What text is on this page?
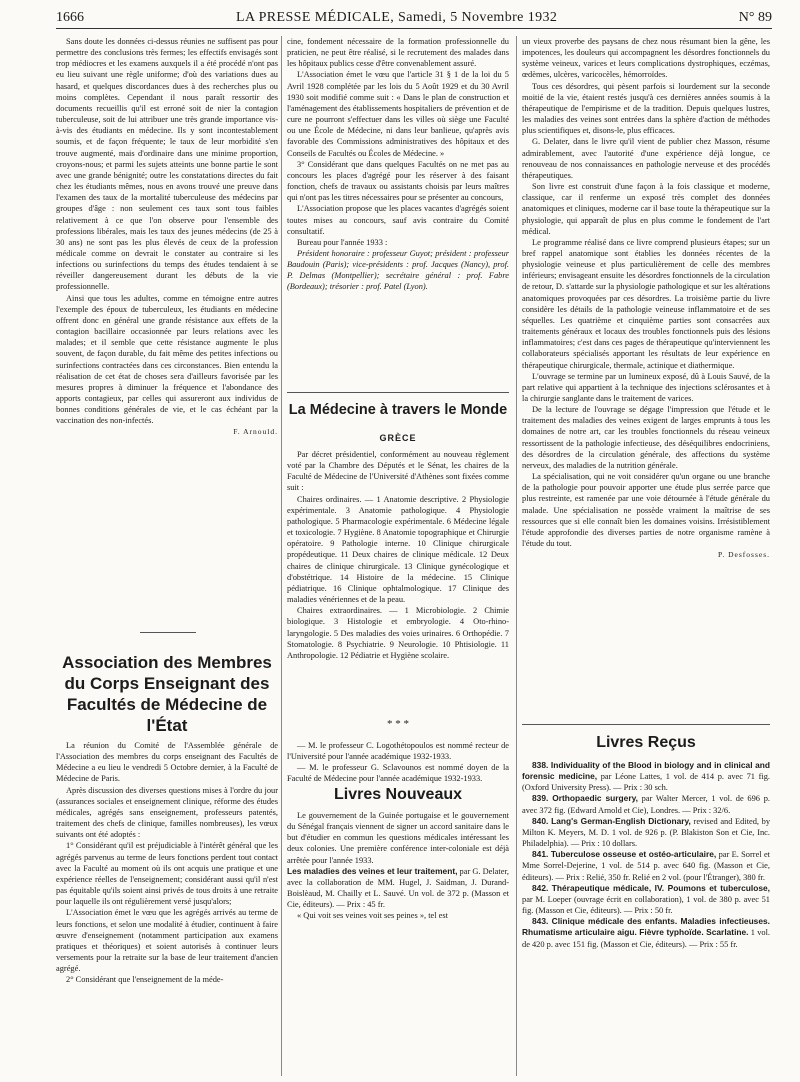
1666	LA PRESSE MÉDICALE, Samedi, 5 Novembre 1932	N° 89

Sans doute les données ci-dessus réunies ne suffisent pas pour permettre des conclusions très fermes; les effectifs envisagés sont trop médiocres et les examens auxquels il a été procédé n'ont pas eu lieu suivant une règle uniforme; d'où des variations dues au hasard, et quelques discordances dues à des recherches plus ou moins complètes. Cependant il nous paraît ressortir des documents recueillis qu'il est erroné soit de nier la contagion tuberculeuse, soit de lui attribuer une très grande importance vis-à-vis des étudiants en médecine. Ils y sont incontestablement soumis, et de façon fréquente; le taux de leur morbidité s'en trouve augmenté, mais d'ordinaire dans une minime proportion, croyons-nous; et parmi les sujets atteints une bonne partie le sont avec une grande bénignité; outre les constatations directes du fait chez les étudiants mêmes, nous en avons trouvé une preuve dans l'examen des taux de la mortalité tuberculeuse des médecins par groupes d'âge : non seulement ces taux sont tous faibles relativement à ce que l'on observe pour l'ensemble des professions libérales, mais les taux des jeunes médecins (de 25 à 30 ans) ne sont pas les plus élevés de ceux de la profession médicale comme on devrait le constater au contraire si les infections ou surinfections du temps des études tendaient à se réveiller dangereusement durant les débuts de la vie professionnelle.

Ainsi que tous les adultes, comme en témoigne entre autres l'exemple des époux de tuberculeux, les étudiants en médecine offrent donc en général une grande résistance aux effets de la contagion bacillaire occasionnée par leurs relations avec les malades; et il semble que cette résistance augmente le plus souvent, de façon durable, du fait même des petites infections ou surinfections contractées dans ces circonstances. Bien entendu la réalisation de cet état de choses sera d'ailleurs favorisée par les mesures propres à diminuer la fréquence et l'abondance des apports contagieux, par celles qui assureront aux individus de bonnes conditions générales de vie, et le cas échéant par la vaccination des non-infectés.

F. Arnould.
Association des Membres du Corps Enseignant des Facultés de Médecine de l'État

La réunion du Comité de l'Assemblée générale de l'Association des membres du corps enseignant des Facultés de Médecine a eu lieu le vendredi 5 Octobre dernier, à la Faculté de Médecine de Paris.

Après discussion des diverses questions mises à l'ordre du jour (assurances sociales et enseignement clinique, réforme des études médicales, agrégés sans enseignement, professeurs patentés, traitement des chefs de clinique, familles nombreuses), les vœux suivants ont été adoptés :

1° Considérant qu'il est préjudiciable à l'intérêt général que les agrégés parvenus au terme de leurs fonctions perdent tout contact avec la Faculté au moment où ils ont acquis une pratique et une expérience réelles de l'enseignement; considérant aussi qu'il n'est pas équitable qu'ils soient ainsi privés de tous droits à une retraite pour laquelle ils ont régulièrement versé jusqu'alors;

L'Association émet le vœu que les agrégés arrivés au terme de leurs fonctions, et selon une modalité à étudier, continuent à faire œuvre d'enseignement (notamment participation aux examens pratiques et théoriques) et soient autorisés à continuer leurs versements pour la retraite sur la base de leur traitement d'ancien agrégé.

2° Considérant que l'enseignement de la méde-

cine, fondement nécessaire de la formation professionnelle du praticien, ne peut être réalisé, si le recrutement des malades dans les hôpitaux publics cesse d'être convenablement assuré.

L'Association émet le vœu que l'article 31 § 1 de la loi du 5 Avril 1928 complétée par les lois du 5 Août 1929 et du 30 Avril 1930 soit modifié comme suit : « Dans le plan de construction et l'aménagement des établissements hospitaliers de prévention et de cure ne pourront s'effectuer dans les villes où siège une Faculté ou une École de Médecine, ni dans leur banlieue, qu'après avis favorable des Commissions administratives des hôpitaux et des Conseils de Facultés ou Écoles de Médecine. »

3° Considérant que dans quelques Facultés on ne met pas au concours les places d'agrégé pour les réserver à des faisant fonction, chefs de travaux ou assistants choisis par leurs maîtres qui n'ont pas les titres nécessaires pour se présenter au concours,

L'Association propose que les places vacantes d'agrégés soient toutes mises au concours, sauf avis contraire du Comité consultatif.

Bureau pour l'année 1933 :

Président honoraire : professeur Guyot; président : professeur Baudouin (Paris); vice-présidents : prof. Jacques (Nancy), prof. P. Delmas (Montpellier); secrétaire général : prof. Fabre (Bordeaux); trésorier : prof. Patel (Lyon).

La Médecine à travers le Monde
GRÈCE

Par décret présidentiel, conformément au nouveau règlement voté par la Chambre des Députés et le Sénat, les chaires de la Faculté de Médecine de l'Université d'Athènes sont fixées comme suit :

Chaires ordinaires. — 1 Anatomie descriptive. 2 Physiologie expérimentale. 3 Anatomie pathologique. 4 Physiologie pathologique. 5 Pharmacologie expérimentale. 6 Médecine légale et toxicologie. 7 Hygiène. 8 Anatomie topographique et Chirurgie opératoire. 9 Pathologie interne. 10 Clinique chirurgicale propédeutique. 11 Deux chaires de clinique médicale. 12 Deux chaires de clinique chirurgicale. 13 Clinique gynécologique et d'obstétrique. 14 Histoire de la médecine. 15 Clinique pédiatrique. 16 Clinique ophtalmologique. 17 Clinique des maladies vénériennes et de la peau.

Chaires extraordinaires. — 1 Microbiologie. 2 Chimie biologique. 3 Histologie et embryologie. 4 Oto-rhino-laryngologie. 5 Des maladies des voies urinaires. 6 Orthopédie. 7 Stomatologie. 8 Psychiatrie. 9 Neurologie. 10 Phtisiologie. 11 Anthropologie. 12 Pédiatrie et Hygiène scolaire.

* * *

— M. le professeur C. Logothétopoulos est nommé recteur de l'Université pour l'année académique 1932-1933.

— M. le professeur G. Sclavounos est nommé doyen de la Faculté de Médecine pour l'année académique 1932-1933.

Livres Nouveaux

Le gouvernement de la Guinée portugaise et le gouvernement du Sénégal français viennent de signer un accord sanitaire dans le but d'étudier en commun les questions médicales intéressant les deux colonies. Une première conférence inter-coloniale est déjà arrêtée pour l'année 1933.

Les maladies des veines et leur traitement, par G. Delater, avec la collaboration de MM. Hugel, J. Saidman, J. Durand-Boislèaud, M. Chailly et L. Sauvé. Un vol. de 372 p. (Masson et Cie, éditeurs). — Prix : 45 fr.

« Qui voit ses veines voit ses peines », tel est

un vieux proverbe des paysans de chez nous résumant bien la gêne, les impotences, les douleurs qui accompagnent les désordres fonctionnels du système veineux, varices et leurs complications dystrophiques, eczémas, œdèmes, ulcères, varicocèles, hémorroïdes.

Tous ces désordres, qui pèsent parfois si lourdement sur la seconde moitié de la vie, étaient restés jusqu'à ces dernières années soumis à la thérapeutique de l'empirisme et de la tradition. Depuis quelques lustres, les maladies des veines sont entrées dans la sphère d'action de méthodes plus scientifiques et, disons-le, plus efficaces.

G. Delater, dans le livre qu'il vient de publier chez Masson, résume admirablement, avec l'autorité d'une expérience déjà longue, ce renouveau de nos connaissances en pathologie nerveuse et des procédés thérapeutiques.

Son livre est construit d'une façon à la fois classique et moderne, classique, car il renferme un exposé très complet des données anatomiques et cliniques, moderne car il base toute la thérapeutique sur la physiologie, qui apparaît de plus en plus comme le fondement de l'art médical.

Le programme réalisé dans ce livre comprend plusieurs étapes; sur un bref rappel anatomique sont établies les données récentes de la physiologie veineuse et plus particulièrement de celle des membres inférieurs; envisageant ensuite les désordres fonctionnels de la circulation de retour, D. s'attarde sur la physiologie pathologique et sur les altérations anatomiques provoquées par ces désordres. La troisième partie du livre considère les détails de la pathologie veineuse inflammatoire et de ses séquelles. Les quatrième et cinquième parties sont consacrées aux traitements généraux et locaux des troubles fonctionnels puis des lésions inflammatoires; c'est dans ces pages de thérapeutique qu'interviennent les collaborateurs spécialisés apportant les résultats de leur expérience en thérapeutique chirurgicale, thermale, actinique et diathermique.

L'ouvrage se termine par un lumineux exposé, dû à Louis Sauvé, de la part relative qui appartient à la technique des injections sclérosantes et à la chirurgie sanglante dans le traitement de varices.

De la lecture de l'ouvrage se dégage l'impression que l'étude et le traitement des maladies des veines exigent de larges emprunts à tous les domaines de notre art, car les troubles fonctionnels du réseau veineux ressortissent de la pathologie infectieuse, des déséquilibres endocriniens, des désordres de la circulation générale, des affections du système nerveux, des maladies de la nutrition générale.

La spécialisation, qui ne voit considérer qu'un organe ou une branche de la pathologie pour pouvoir apporter une étude plus serrée parce que plus restreinte, est ramenée par une voie détournée à l'étude générale du malade. Une spécialisation ne possède vraiment la maîtrise de ses ressources que si elle connaît bien les domaines voisins. Irrésistiblement l'étude approfondie des diverses parties de notre organisme ramène à l'étude du tout.

P. Desfosses.
Livres Reçus

838. Individuality of the Blood in biology and in clinical and forensic medicine, par Léone Lattes, 1 vol. de 414 p. avec 71 fig. (Oxford University Press). — Prix : 30 sch.

839. Orthopaedic surgery, par Walter Mercer, 1 vol. de 696 p. avec 372 fig. (Edward Arnold et Cie), Londres. — Prix : 32/6.

840. Lang's German-English Dictionary, revised and Edited, by Milton K. Meyers, M. D. 1 vol. de 926 p. (P. Blakiston Son et Cie, Inc. Philadelphia). — Prix : 10 dollars.

841. Tuberculose osseuse et ostéo-articulaire, par E. Sorrel et Mme Sorrel-Dejerine, 1 vol. de 514 p. avec 640 fig. (Masson et Cie, éditeurs). — Prix : Relié, 350 fr. Relié en 2 vol. (pour l'Étranger), 380 fr.

842. Thérapeutique médicale, IV. Poumons et tuberculose, par M. Loeper (ouvrage écrit en collaboration), 1 vol. de 380 p. avec 51 fig. (Masson et Cie, éditeurs). — Prix : 50 fr.

843. Clinique médicale des enfants. Maladies infectieuses. Rhumatisme articulaire aigu. Fièvre typhoïde. Scarlatine. 1 vol. de 420 p. avec 151 fig. (Masson et Cie, éditeurs). — Prix : 55 fr.
